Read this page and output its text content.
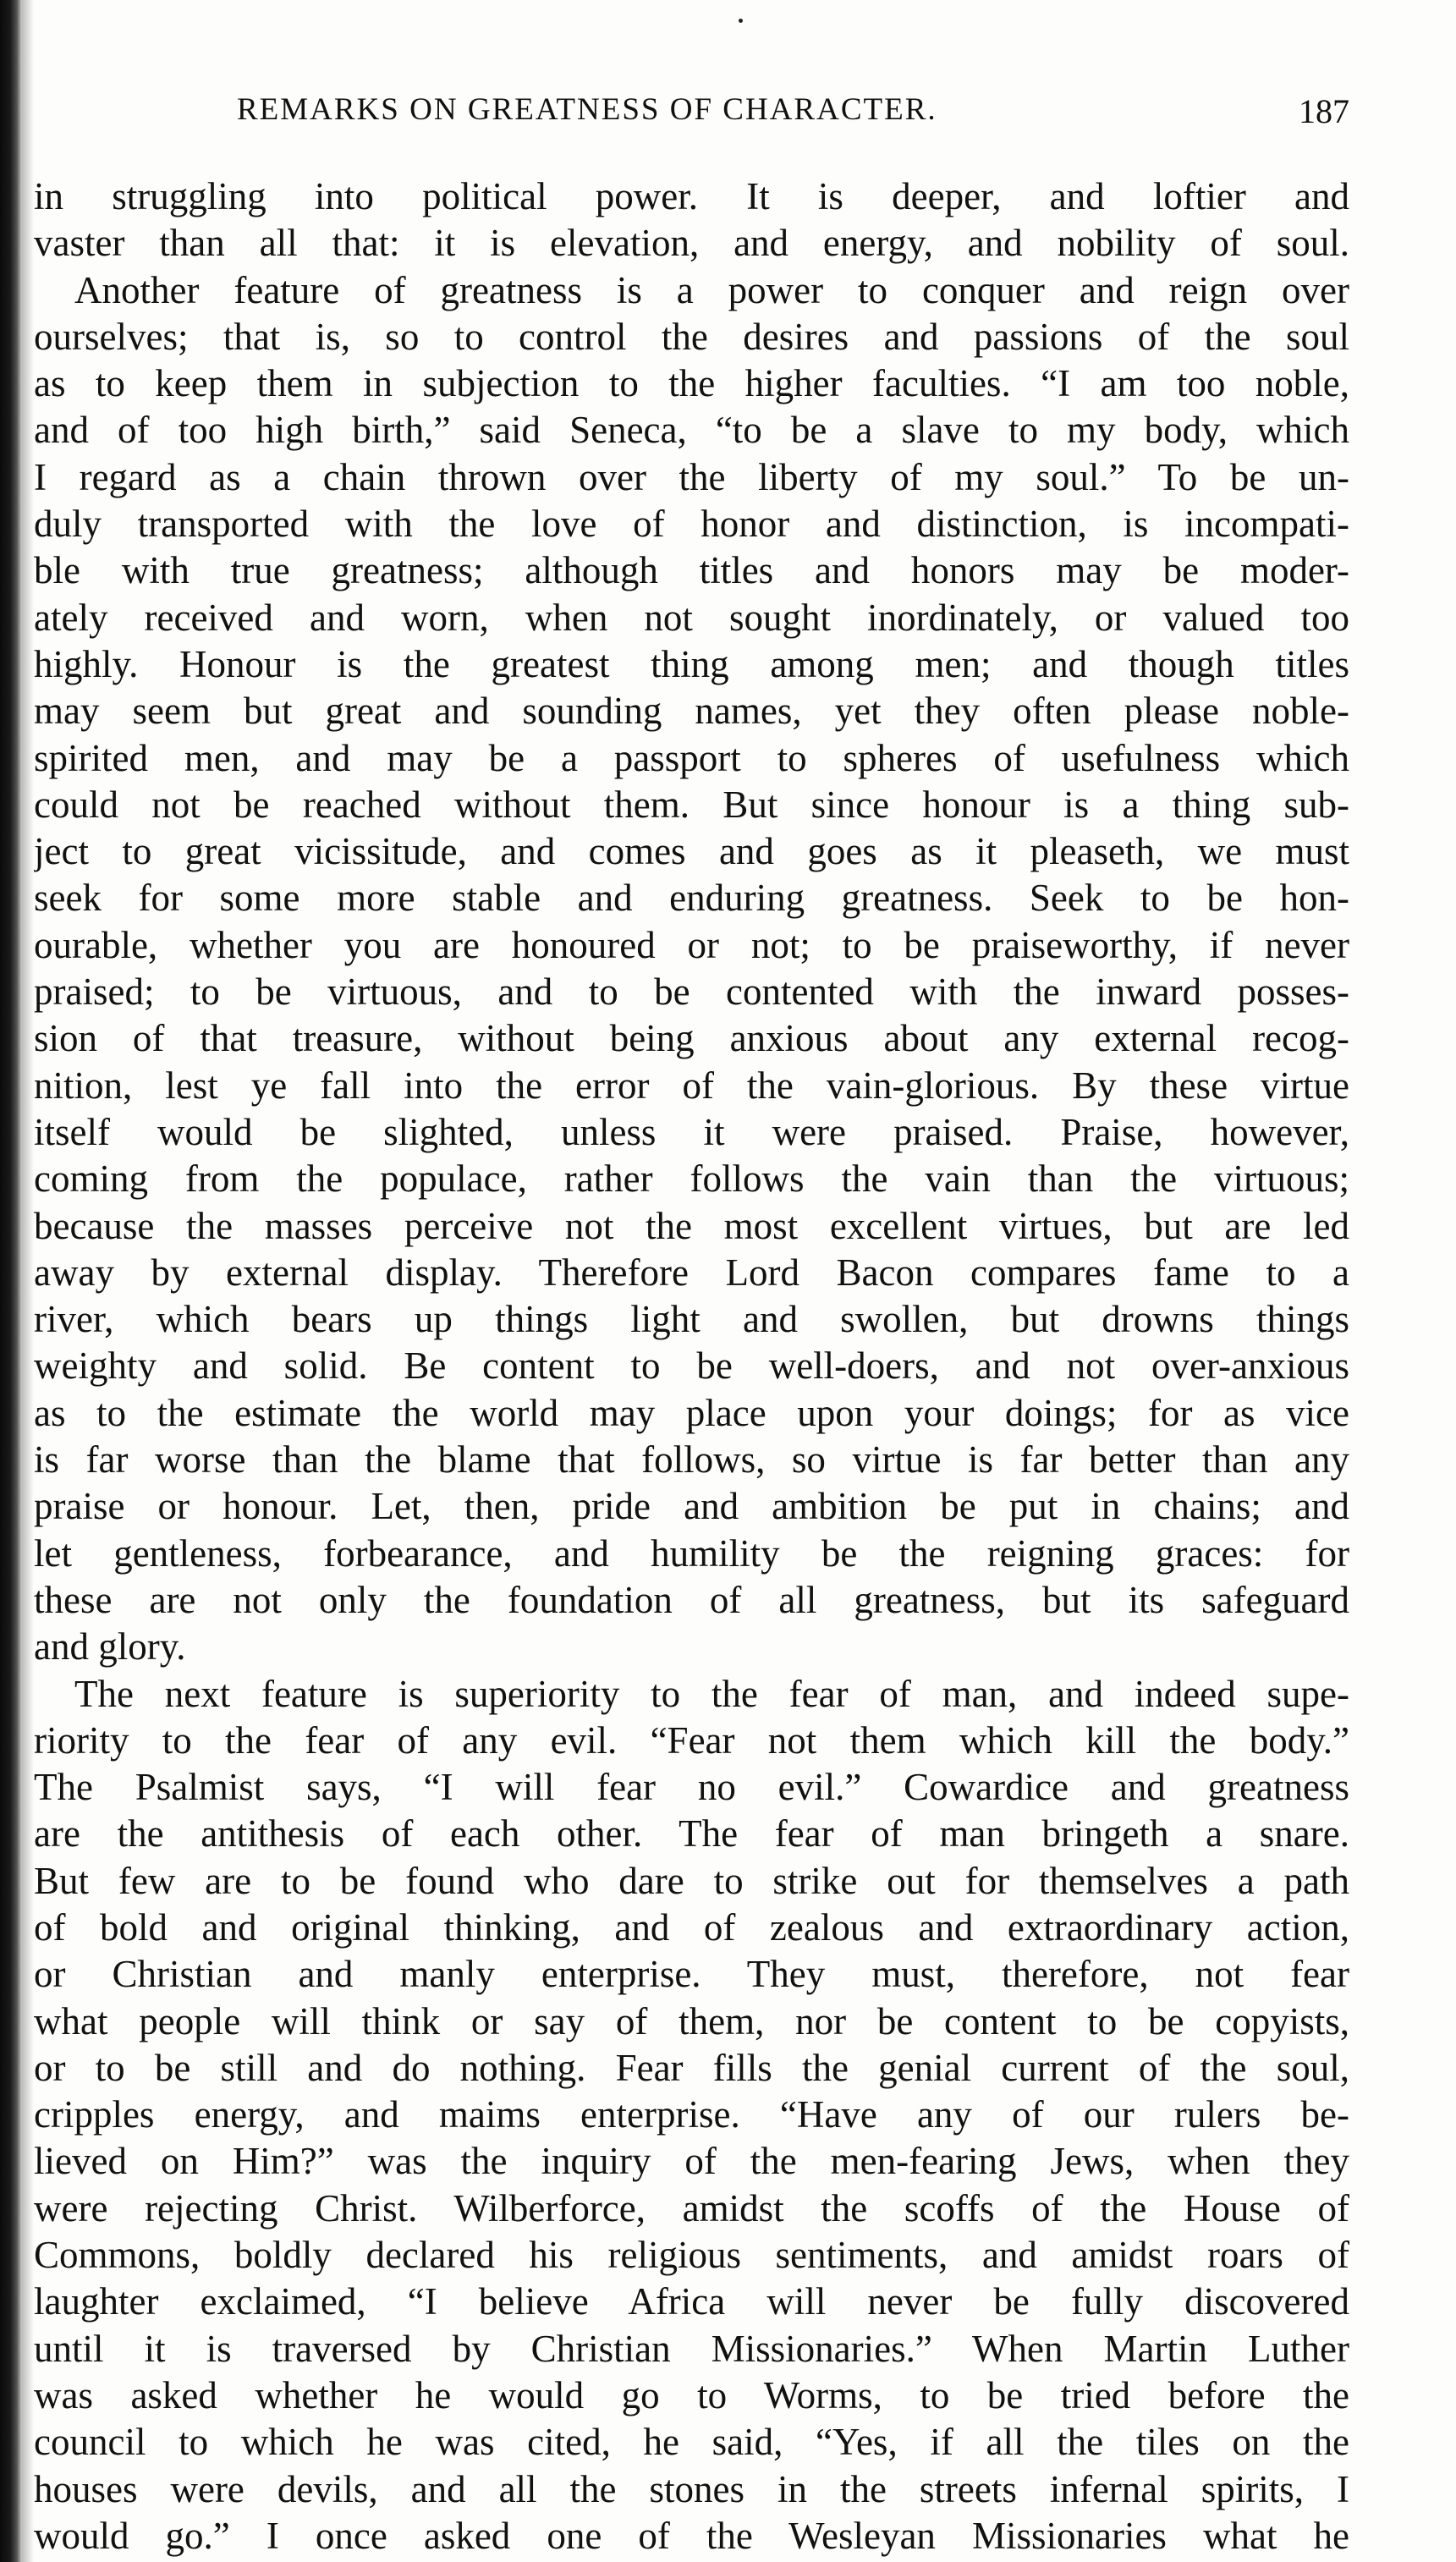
REMARKS ON GREATNESS OF CHARACTER.	187
in struggling into political power. It is deeper, and loftier and
vaster than all that: it is elevation, and energy, and nobility of soul.
Another feature of greatness is a power to conquer and reign over
ourselves; that is, so to control the desires and passions of the soul
as to keep them in subjection to the higher faculties. “I am too noble,
and of too high birth,” said Seneca, “to be a slave to my body, which
I regard as a chain thrown over the liberty of my soul.” To be un-
duly transported with the love of honor and distinction, is incompati-
ble with true greatness; although titles and honors may be moder-
ately received and worn, when not sought inordinately, or valued too
highly. Honour is the greatest thing among men; and though titles
may seem but great and sounding names, yet they often please noble-
spirited men, and may be a passport to spheres of usefulness which
could not be reached without them. But since honour is a thing sub-
ject to great vicissitude, and comes and goes as it pleaseth, we must
seek for some more stable and enduring greatness. Seek to be hon-
ourable, whether you are honoured or not; to be praiseworthy, if never
praised; to be virtuous, and to be contented with the inward posses-
sion of that treasure, without being anxious about any external recog-
nition, lest ye fall into the error of the vain-glorious. By these virtue
itself would be slighted, unless it were praised. Praise, however,
coming from the populace, rather follows the vain than the virtuous;
because the masses perceive not the most excellent virtues, but are led
away by external display. Therefore Lord Bacon compares fame to a
river, which bears up things light and swollen, but drowns things
weighty and solid. Be content to be well-doers, and not over-anxious
as to the estimate the world may place upon your doings; for as vice
is far worse than the blame that follows, so virtue is far better than any
praise or honour. Let, then, pride and ambition be put in chains; and
let gentleness, forbearance, and humility be the reigning graces: for
these are not only the foundation of all greatness, but its safeguard
and glory.
The next feature is superiority to the fear of man, and indeed supe-
riority to the fear of any evil. “Fear not them which kill the body.”
The Psalmist says, “I will fear no evil.” Cowardice and greatness
are the antithesis of each other. The fear of man bringeth a snare.
But few are to be found who dare to strike out for themselves a path
of bold and original thinking, and of zealous and extraordinary action,
or Christian and manly enterprise. They must, therefore, not fear
what people will think or say of them, nor be content to be copyists,
or to be still and do nothing. Fear fills the genial current of the soul,
cripples energy, and maims enterprise. “Have any of our rulers be-
lieved on Him?” was the inquiry of the men-fearing Jews, when they
were rejecting Christ. Wilberforce, amidst the scoffs of the House of
Commons, boldly declared his religious sentiments, and amidst roars of
laughter exclaimed, “I believe Africa will never be fully discovered
until it is traversed by Christian Missionaries.” When Martin Luther
was asked whether he would go to Worms, to be tried before the
council to which he was cited, he said, “Yes, if all the tiles on the
houses were devils, and all the stones in the streets infernal spirits, I
would go.” I once asked one of the Wesleyan Missionaries what he
